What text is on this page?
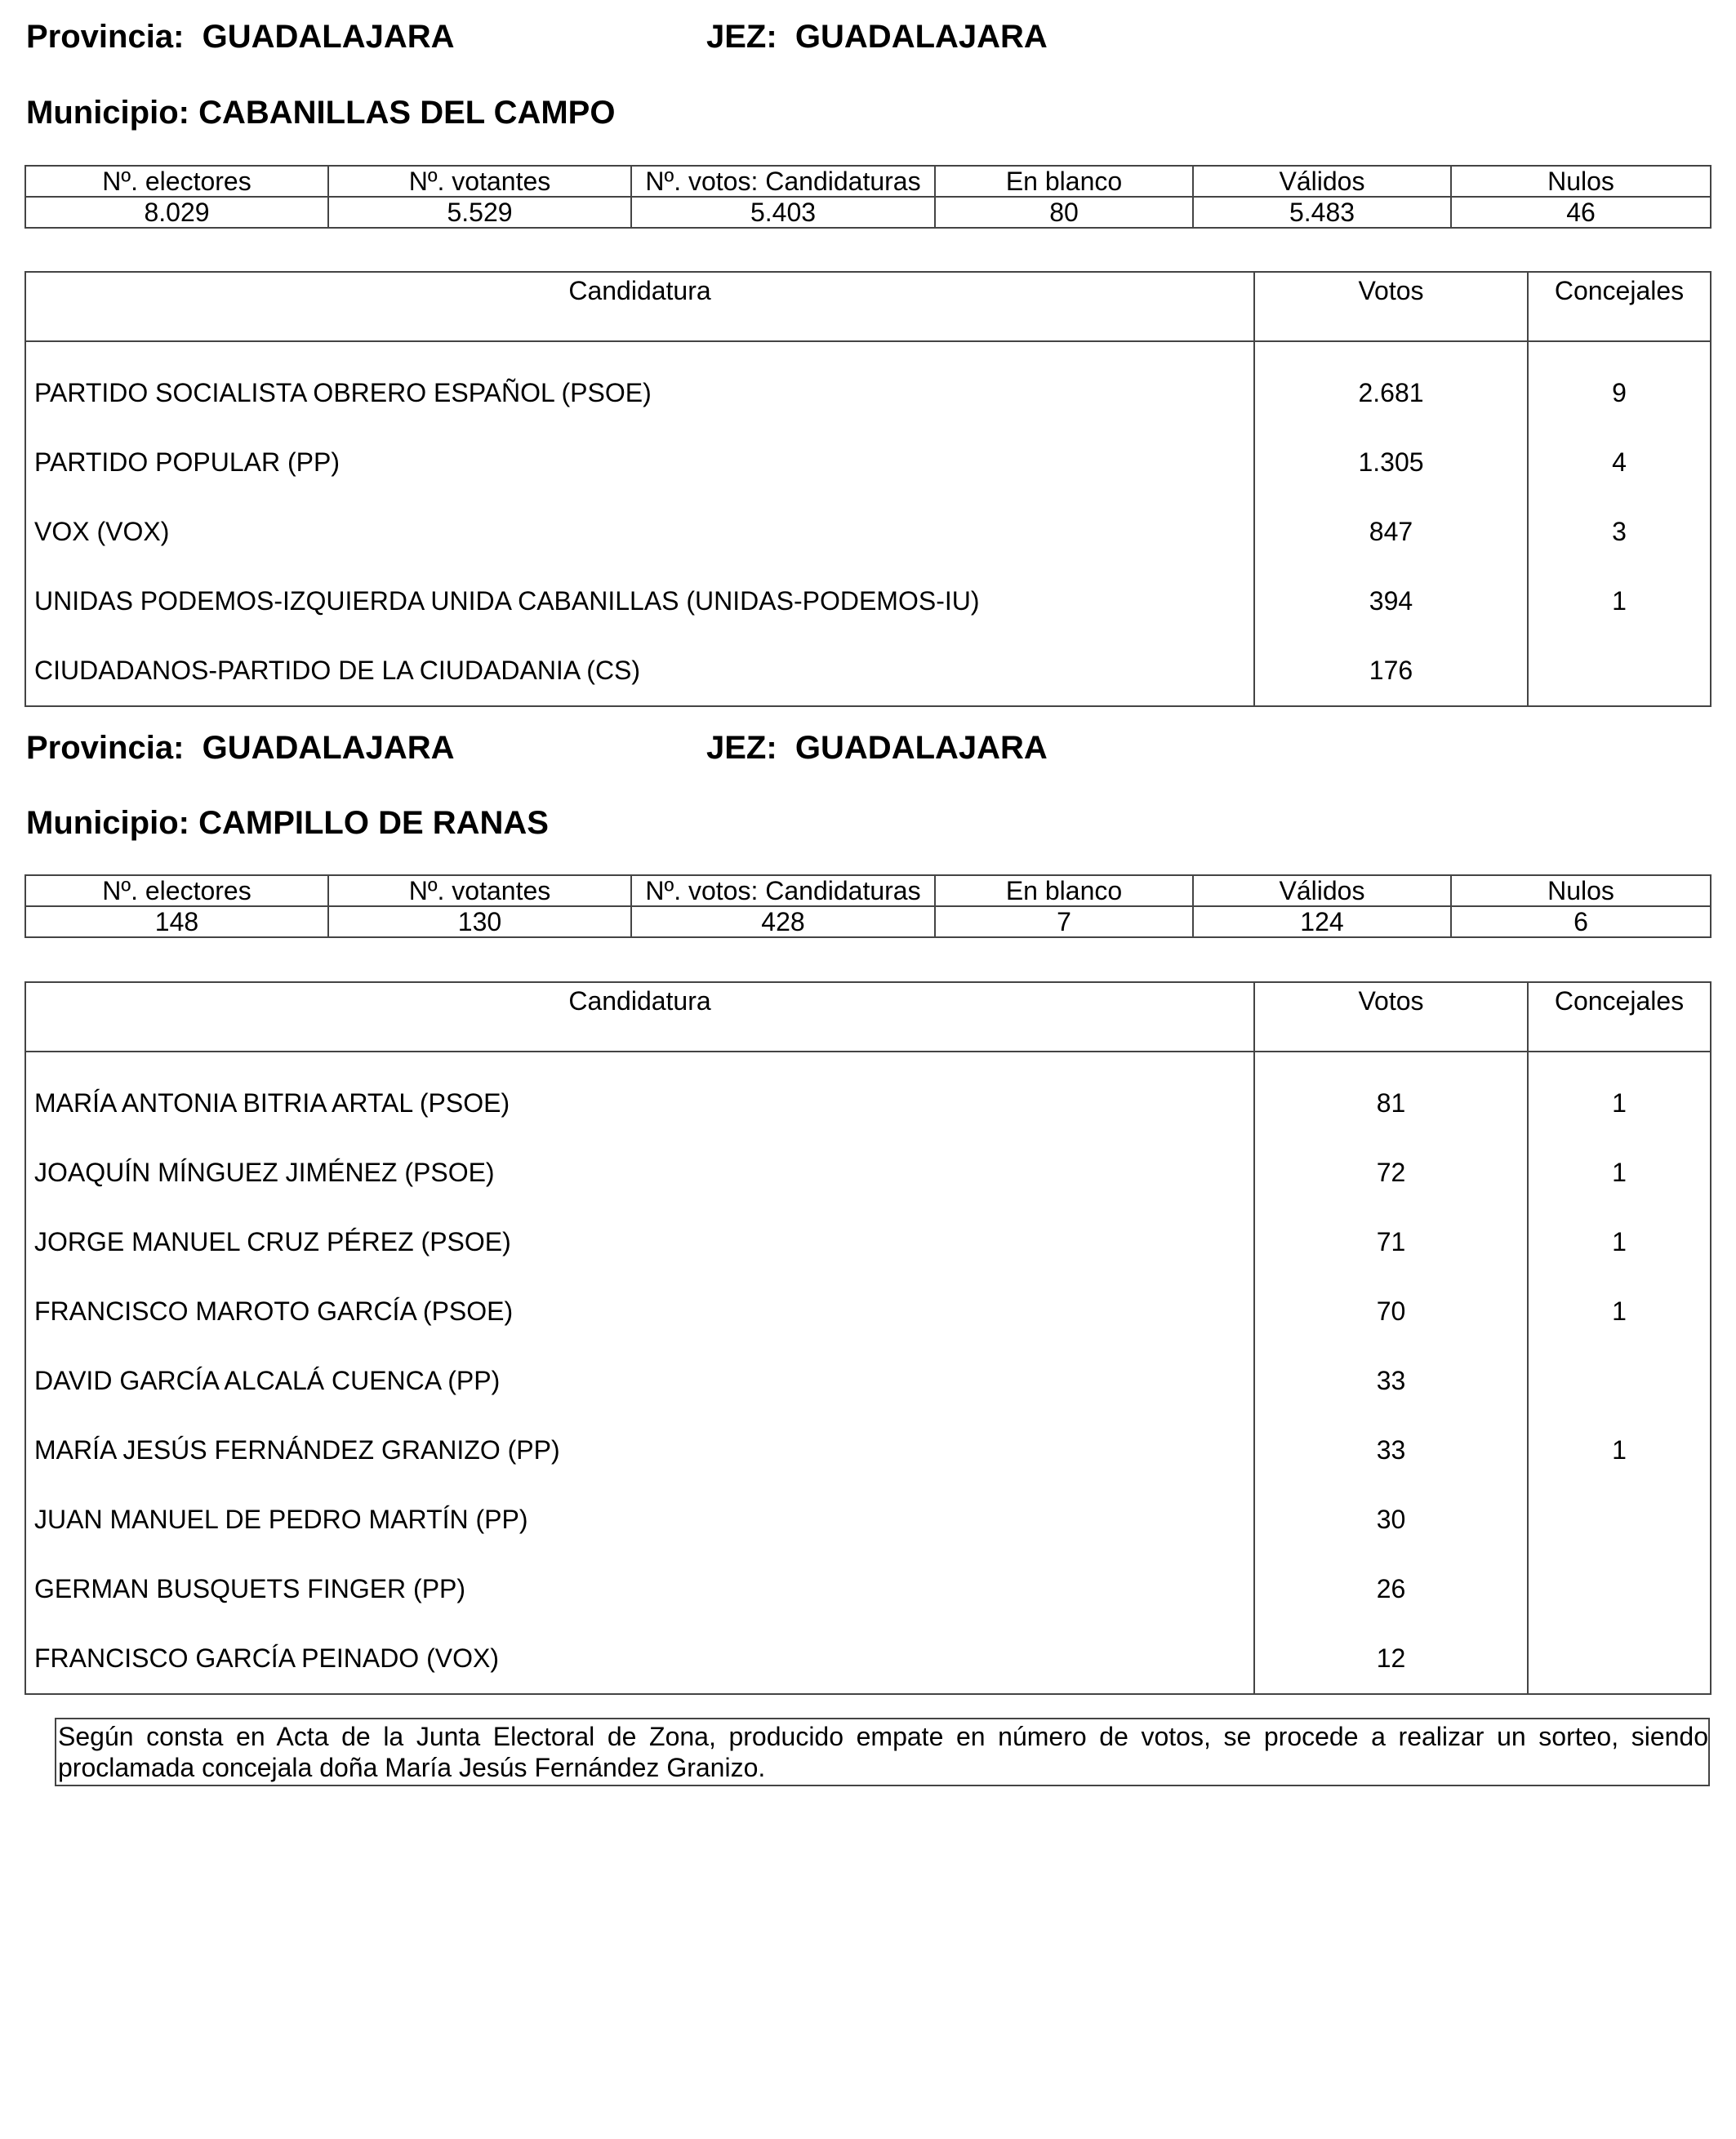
Provincia: GUADALAJARA	JEZ: GUADALAJARA
Municipio: CABANILLAS DEL CAMPO
Nº. electores	Nº. votantes	Nº. votos: Candidaturas	En blanco	Válidos	Nulos
8.029	5.529	5.403	80	5.483	46
Candidatura	Votos	Concejales

PARTIDO SOCIALISTA OBRERO ESPAÑOL (PSOE)	2.681	9
PARTIDO POPULAR (PP)	1.305	4
VOX (VOX)	847	3
UNIDAS PODEMOS-IZQUIERDA UNIDA CABANILLAS (UNIDAS-PODEMOS-IU)	394	1
CIUDADANOS-PARTIDO DE LA CIUDADANIA (CS)	176	
Provincia: GUADALAJARA	JEZ: GUADALAJARA
Municipio: CAMPILLO DE RANAS
Nº. electores	Nº. votantes	Nº. votos: Candidaturas	En blanco	Válidos	Nulos
148	130	428	7	124	6
Candidatura	Votos	Concejales

MARÍA ANTONIA BITRIA ARTAL (PSOE)	81	1
JOAQUÍN MÍNGUEZ JIMÉNEZ (PSOE)	72	1
JORGE MANUEL CRUZ PÉREZ (PSOE)	71	1
FRANCISCO MAROTO GARCÍA (PSOE)	70	1
DAVID GARCÍA ALCALÁ CUENCA (PP)	33	
MARÍA JESÚS FERNÁNDEZ GRANIZO (PP)	33	1
JUAN MANUEL DE PEDRO MARTÍN (PP)	30	
GERMAN BUSQUETS FINGER (PP)	26	
FRANCISCO GARCÍA PEINADO (VOX)	12	
Según consta en Acta de la Junta Electoral de Zona, producido empate en número de votos, se procede a realizar un sorteo, siendo proclamada concejala doña María Jesús Fernández Granizo.
